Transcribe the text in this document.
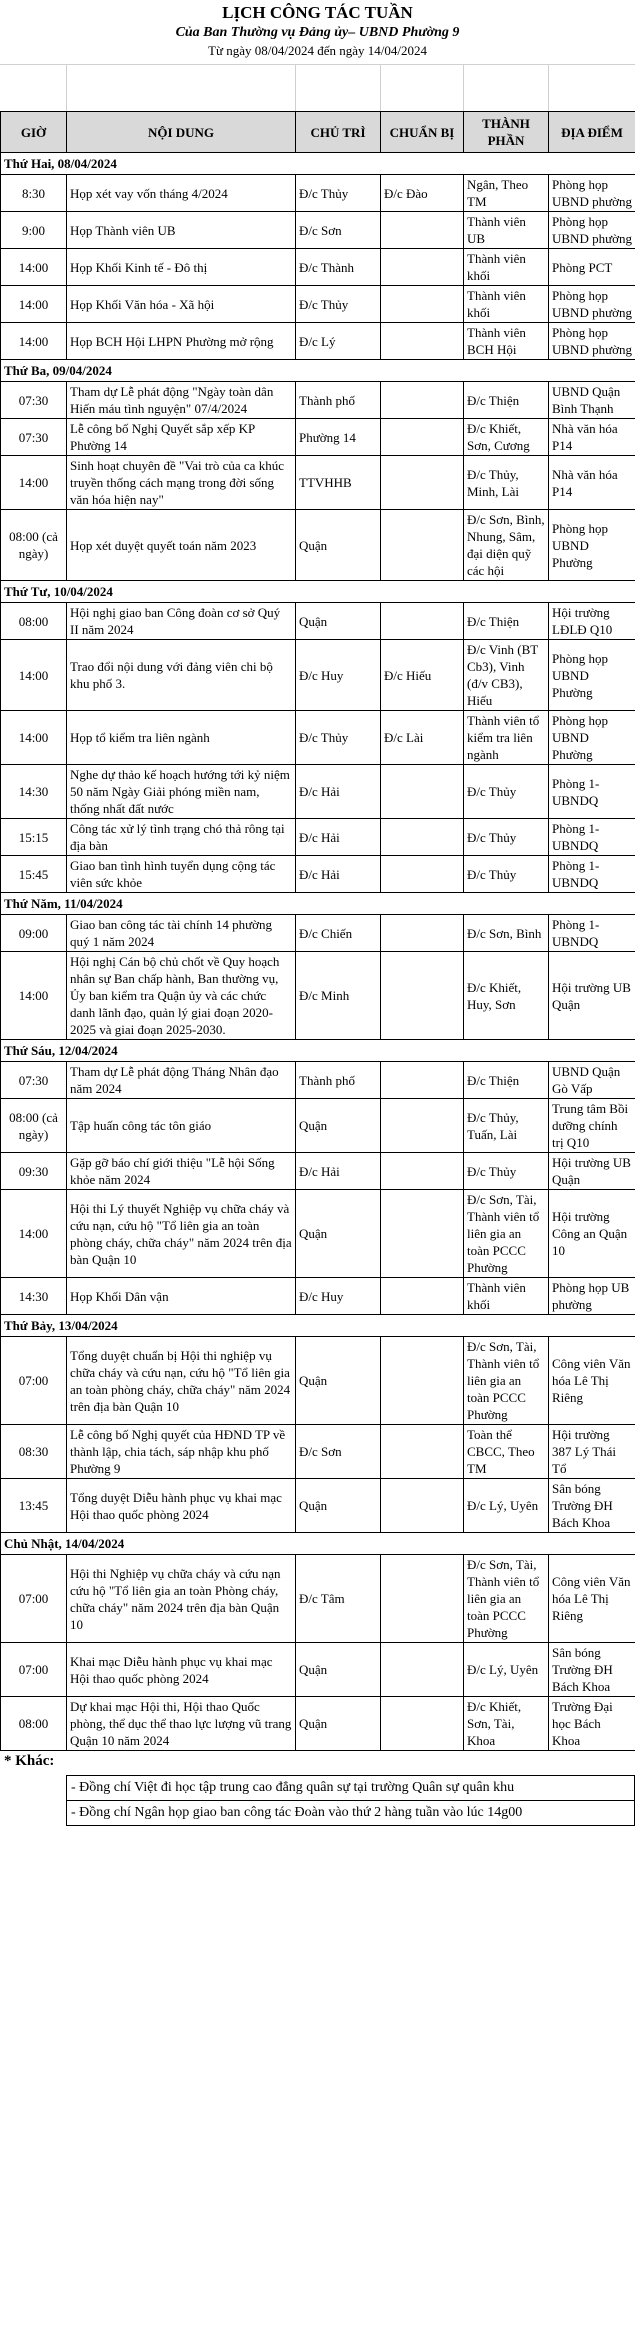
LỊCH CÔNG TÁC TUẦN
Của Ban Thường vụ Đảng ủy– UBND Phường 9
Từ ngày 08/04/2024 đến ngày 14/04/2024
GIỜ	NỘI DUNG	CHỦ TRÌ	CHUẨN BỊ	THÀNH PHẦN	ĐỊA ĐIỂM
Thứ Hai, 08/04/2024					
8:30	Họp xét vay vốn tháng 4/2024	Đ/c Thủy	Đ/c Đào	Ngân, Theo TM	Phòng họp UBND phường
9:00	Họp Thành viên UB	Đ/c Sơn		Thành viên UB	Phòng họp UBND phường
14:00	Họp Khối Kinh tế - Đô thị	Đ/c Thành		Thành viên khối	Phòng PCT
14:00	Họp Khối Văn hóa - Xã hội	Đ/c Thủy		Thành viên khối	Phòng họp UBND phường
14:00	Họp BCH Hội LHPN Phường mở rộng	Đ/c Lý		Thành viên BCH Hội	Phòng họp UBND phường
Thứ Ba, 09/04/2024					
07:30	Tham dự Lễ phát động "Ngày toàn dân Hiến máu tình nguyện" 07/4/2024	Thành phố		Đ/c Thiện	UBND Quận Bình Thạnh
07:30	Lễ công bố Nghị Quyết sắp xếp KP Phường 14	Phường 14		Đ/c Khiết, Sơn, Cương	Nhà văn hóa P14
14:00	Sinh hoạt chuyên đề "Vai trò của ca khúc truyền thống cách mạng trong đời sống văn hóa hiện nay"	TTVHHB		Đ/c Thủy, Minh, Lài	Nhà văn hóa P14
08:00 (cả ngày)	Họp xét duyệt quyết toán năm 2023	Quận		Đ/c Sơn, Bình, Nhung, Sâm, đại diện quỹ các hội	Phòng họp UBND Phường
Thứ Tư, 10/04/2024					
08:00	Hội nghị giao ban Công đoàn cơ sở Quý II năm 2024	Quận		Đ/c Thiện	Hội trường LĐLĐ Q10
14:00	Trao đổi nội dung với đảng viên chi bộ khu phố 3.	Đ/c Huy	Đ/c Hiếu	Đ/c Vinh (BT Cb3), Vinh (đ/v CB3), Hiếu	Phòng họp UBND Phường
14:00	Họp tổ kiểm tra liên ngành	Đ/c Thủy	Đ/c Lài	Thành viên tổ kiểm tra liên ngành	Phòng họp UBND Phường
14:30	Nghe dự thảo kế hoạch hướng tới kỷ niệm 50 năm Ngày Giải phóng miền nam, thống nhất đất nước	Đ/c Hải		Đ/c Thủy	Phòng 1-UBNDQ
15:15	Công tác xử lý tình trạng chó thả rông tại địa bàn	Đ/c Hải		Đ/c Thủy	Phòng 1-UBNDQ
15:45	Giao ban tình hình tuyển dụng cộng tác viên sức khỏe	Đ/c Hải		Đ/c Thủy	Phòng 1-UBNDQ
Thứ Năm, 11/04/2024					
09:00	Giao ban công tác tài chính 14 phường quý 1 năm 2024	Đ/c Chiến		Đ/c Sơn, Bình	Phòng 1-UBNDQ
14:00	Hội nghị Cán bộ chủ chốt về Quy hoạch nhân sự Ban chấp hành, Ban thường vụ, Ủy ban kiểm tra Quận ủy và các chức danh lãnh đạo, quản lý giai đoạn 2020-2025 và giai đoạn 2025-2030.	Đ/c Minh		Đ/c Khiết, Huy, Sơn	Hội trường UB Quận
Thứ Sáu, 12/04/2024					
07:30	Tham dự Lễ phát động Tháng Nhân đạo năm 2024	Thành phố		Đ/c Thiện	UBND Quận Gò Vấp
08:00 (cả ngày)	Tập huấn công tác tôn giáo	Quận		Đ/c Thủy, Tuấn, Lài	Trung tâm Bồi dưỡng chính trị Q10
09:30	Gặp gỡ báo chí giới thiệu "Lễ hội Sống khỏe năm 2024	Đ/c Hải		Đ/c Thủy	Hội trường UB Quận
14:00	Hội thi Lý thuyết Nghiệp vụ chữa cháy và cứu nạn, cứu hộ "Tổ liên gia an toàn phòng cháy, chữa cháy" năm 2024 trên địa bàn Quận 10	Quận		Đ/c Sơn, Tài, Thành viên tổ liên gia an toàn PCCC Phường	Hội trường Công an Quận 10
14:30	Họp Khối Dân vận	Đ/c Huy		Thành viên khối	Phòng họp UB phường
Thứ Bảy, 13/04/2024					
07:00	Tổng duyệt chuẩn bị Hội thi nghiệp vụ chữa cháy và cứu nạn, cứu hộ "Tổ liên gia an toàn phòng cháy, chữa cháy" năm 2024 trên địa bàn Quận 10	Quận		Đ/c Sơn, Tài, Thành viên tổ liên gia an toàn PCCC Phường	Công viên Văn hóa Lê Thị Riêng
08:30	Lễ công bố Nghị quyết của HĐND TP về thành lập, chia tách, sáp nhập khu phố Phường 9	Đ/c Sơn		Toàn thể CBCC, Theo TM	Hội trường 387 Lý Thái Tổ
13:45	Tổng duyệt Diễu hành phục vụ khai mạc Hội thao quốc phòng 2024	Quận		Đ/c Lý, Uyên	Sân bóng Trường ĐH Bách Khoa
Chủ Nhật, 14/04/2024					
07:00	Hội thi Nghiệp vụ chữa cháy và cứu nạn cứu hộ "Tổ liên gia an toàn Phòng cháy, chữa cháy" năm 2024 trên địa bàn Quận 10	Đ/c Tâm		Đ/c Sơn, Tài, Thành viên tổ liên gia an toàn PCCC Phường	Công viên Văn hóa Lê Thị Riêng
07:00	Khai mạc Diễu hành phục vụ khai mạc Hội thao quốc phòng 2024	Quận		Đ/c Lý, Uyên	Sân bóng Trường ĐH Bách Khoa
08:00	Dự khai mạc Hội thi, Hội thao Quốc phòng, thể dục thể thao lực lượng vũ trang Quận 10 năm 2024	Quận		Đ/c Khiết, Sơn, Tài, Khoa	Trường Đại học Bách Khoa
* Khác:
- Đồng chí Việt đi học tập trung cao đẳng quân sự tại trường Quân sự quân khu
- Đồng chí Ngân họp giao ban công tác Đoàn vào thứ 2 hàng tuần vào lúc 14g00
